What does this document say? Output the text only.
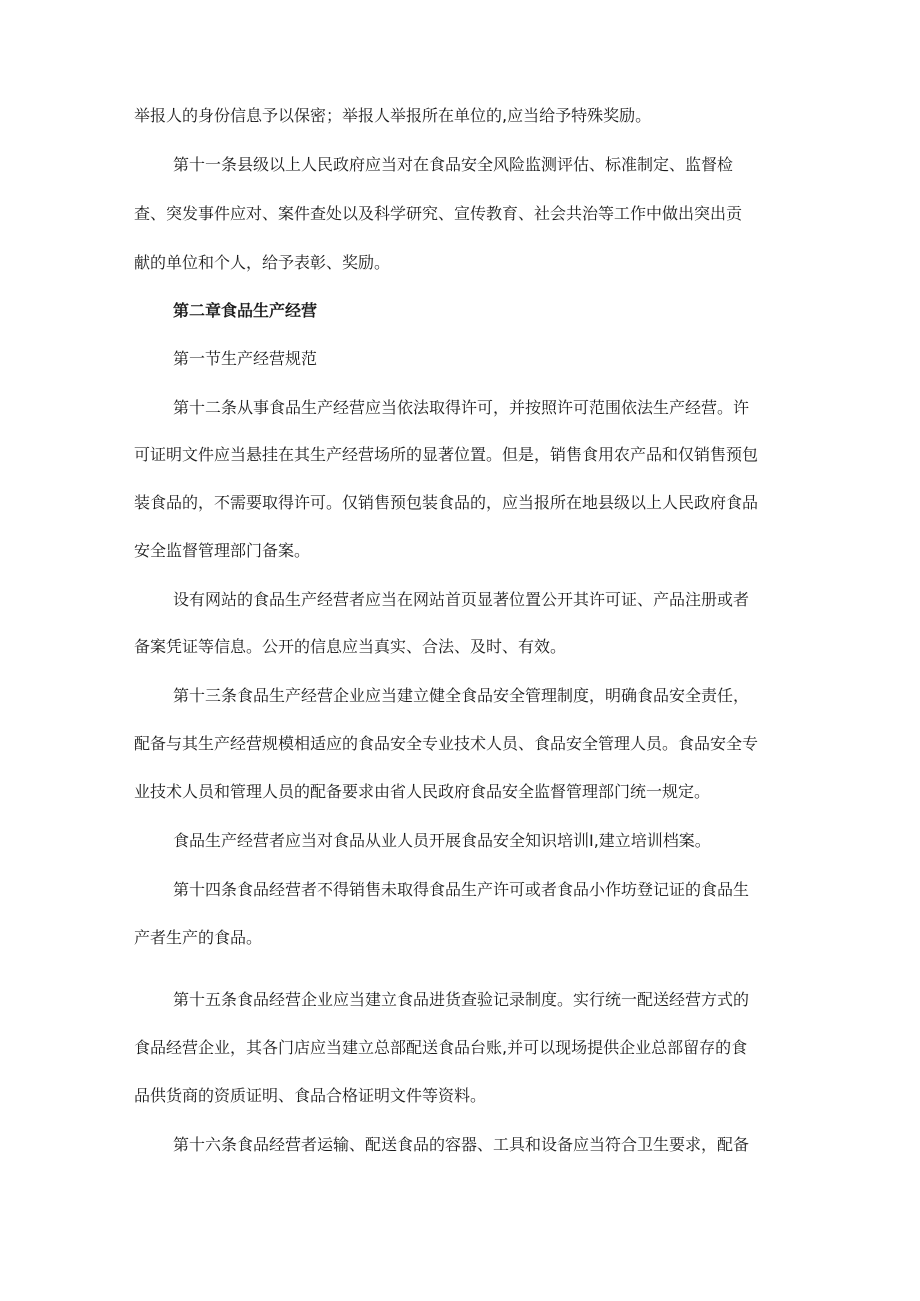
举报人的身份信息予以保密；举报人举报所在单位的,应当给予特殊奖励。
第十一条县级以上人民政府应当对在食品安全风险监测评估、标准制定、监督检
查、突发事件应对、案件查处以及科学研究、宣传教育、社会共治等工作中做出突出贡
献的单位和个人，给予表彰、奖励。
第二章食品生产经营
第一节生产经营规范
第十二条从事食品生产经营应当依法取得许可，并按照许可范围依法生产经营。许
可证明文件应当悬挂在其生产经营场所的显著位置。但是，销售食用农产品和仅销售预包
装食品的，不需要取得许可。仅销售预包装食品的，应当报所在地县级以上人民政府食品
安全监督管理部门备案。
设有网站的食品生产经营者应当在网站首页显著位置公开其许可证、产品注册或者
备案凭证等信息。公开的信息应当真实、合法、及时、有效。
第十三条食品生产经营企业应当建立健全食品安全管理制度，明确食品安全责任，
配备与其生产经营规模相适应的食品安全专业技术人员、食品安全管理人员。食品安全专
业技术人员和管理人员的配备要求由省人民政府食品安全监督管理部门统一规定。
食品生产经营者应当对食品从业人员开展食品安全知识培训I,建立培训档案。
第十四条食品经营者不得销售未取得食品生产许可或者食品小作坊登记证的食品生
产者生产的食品。
第十五条食品经营企业应当建立食品进货查验记录制度。实行统一配送经营方式的
食品经营企业，其各门店应当建立总部配送食品台账,并可以现场提供企业总部留存的食
品供货商的资质证明、食品合格证明文件等资料。
第十六条食品经营者运输、配送食品的容器、工具和设备应当符合卫生要求，配备
